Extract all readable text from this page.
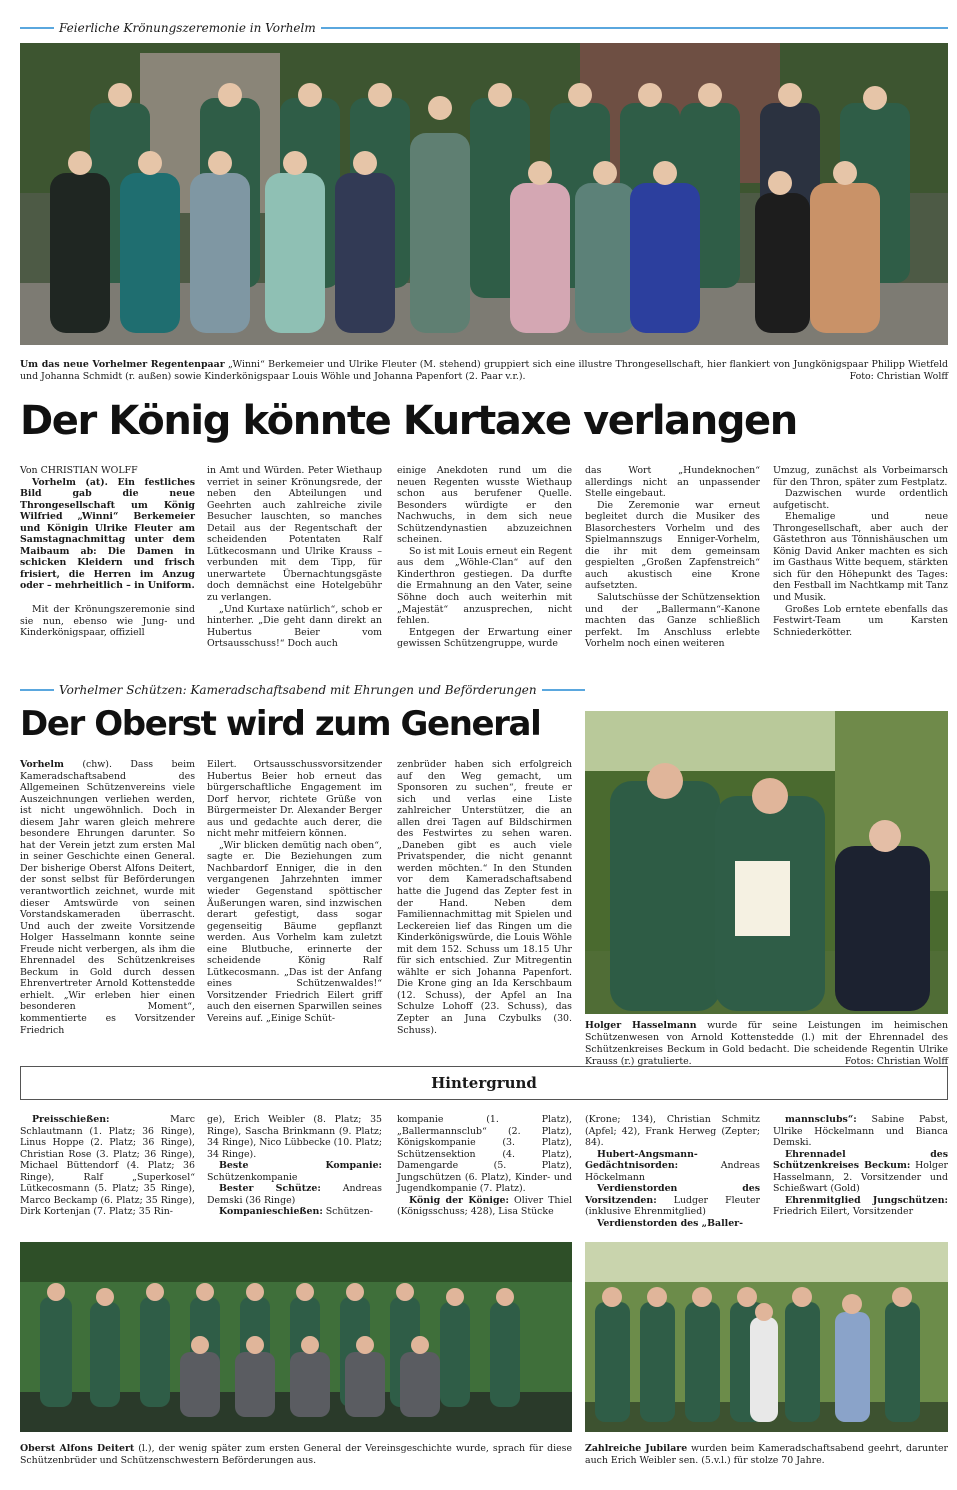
Feierliche Krönungszeremonie in Vorhelm
Um das neue Vorhelmer Regentenpaar „Winni“ Berkemeier und Ulrike Fleuter (M. stehend) gruppiert sich eine illustre Throngesellschaft, hier flankiert von Jungkönigspaar Philipp Wietfeld und Johanna Schmidt (r. außen) sowie Kinderkönigspaar Louis Wöhle und Johanna Papenfort (2. Paar v.r.).	Foto: Christian Wolff
Der König könnte Kurtaxe verlangen

Von CHRISTIAN WOLFF

Vorhelm (at). Ein festliches Bild gab die neue Throngesellschaft um König Wilfried „Winni“ Berkemeier und Königin Ulrike Fleuter am Samstagnachmittag unter dem Maibaum ab: Die Damen in schicken Kleidern und frisch frisiert, die Herren im Anzug oder – mehrheitlich – in Uniform.

Mit der Krönungszeremonie sind sie nun, ebenso wie Jung- und Kinderkönigspaar, offiziell

in Amt und Würden. Peter Wiethaup verriet in seiner Krönungsrede, der neben den Abteilungen und Geehrten auch zahlreiche zivile Besucher lauschten, so manches Detail aus der Regentschaft der scheidenden Potentaten Ralf Lütkecosmann und Ulrike Krauss – verbunden mit dem Tipp, für unerwartete Übernachtungsgäste doch demnächst eine Hotelgebühr zu verlangen.

„Und Kurtaxe natürlich“, schob er hinterher. „Die geht dann direkt an Hubertus Beier vom Ortsausschuss!“ Doch auch

einige Anekdoten rund um die neuen Regenten wusste Wiethaup schon aus berufener Quelle. Besonders würdigte er den Nachwuchs, in dem sich neue Schützendynastien abzuzeichnen scheinen.

So ist mit Louis erneut ein Regent aus dem „Wöhle-Clan“ auf den Kinderthron gestiegen. Da durfte die Ermahnung an den Vater, seine Söhne doch auch weiterhin mit „Majestät“ anzusprechen, nicht fehlen.

Entgegen der Erwartung einer gewissen Schützengruppe, wurde

das Wort „Hundeknochen“ allerdings nicht an unpassender Stelle eingebaut.

Die Zeremonie war erneut begleitet durch die Musiker des Blasorchesters Vorhelm und des Spielmannszugs Enniger-Vorhelm, die ihr mit dem gemeinsam gespielten „Großen Zapfenstreich“ auch akustisch eine Krone aufsetzten.

Salutschüsse der Schützensektion und der „Ballermann“-Kanone machten das Ganze schließlich perfekt. Im Anschluss erlebte Vorhelm noch einen weiteren

Umzug, zunächst als Vorbeimarsch für den Thron, später zum Festplatz.

Dazwischen wurde ordentlich aufgetischt.

Ehemalige und neue Throngesellschaft, aber auch der Gästethron aus Tönnishäuschen um König David Anker machten es sich im Gasthaus Witte bequem, stärkten sich für den Höhepunkt des Tages: den Festball im Nachtkamp mit Tanz und Musik.

Großes Lob erntete ebenfalls das Festwirt-Team um Karsten Schniederkötter.

Vorhelmer Schützen: Kameradschaftsabend mit Ehrungen und Beförderungen
Der Oberst wird zum General

Vorhelm (chw). Dass beim Kameradschaftsabend des Allgemeinen Schützenvereins viele Auszeichnungen verliehen werden, ist nicht ungewöhnlich. Doch in diesem Jahr waren gleich mehrere besondere Ehrungen darunter. So hat der Verein jetzt zum ersten Mal in seiner Geschichte einen General. Der bisherige Oberst Alfons Deitert, der sonst selbst für Beförderungen verantwortlich zeichnet, wurde mit dieser Amtswürde von seinen Vorstandskameraden überrascht. Und auch der zweite Vorsitzende Holger Hasselmann konnte seine Freude nicht verbergen, als ihm die Ehrennadel des Schützenkreises Beckum in Gold durch dessen Ehrenvertreter Arnold Kottenstedde erhielt. „Wir erleben hier einen besonderen Moment“, kommentierte es Vorsitzender Friedrich

Eilert. Ortsausschussvorsitzender Hubertus Beier hob erneut das bürgerschaftliche Engagement im Dorf hervor, richtete Grüße von Bürgermeister Dr. Alexander Berger aus und gedachte auch derer, die nicht mehr mitfeiern können.

„Wir blicken demütig nach oben“, sagte er. Die Beziehungen zum Nachbardorf Enniger, die in den vergangenen Jahrzehnten immer wieder Gegenstand spöttischer Äußerungen waren, sind inzwischen derart gefestigt, dass sogar gegenseitig Bäume gepflanzt werden. Aus Vorhelm kam zuletzt eine Blutbuche, erinnerte der scheidende König Ralf Lütkecosmann. „Das ist der Anfang eines Schützenwaldes!“ Vorsitzender Friedrich Eilert griff auch den eisernen Sparwillen seines Vereins auf. „Einige Schüt-

zenbrüder haben sich erfolgreich auf den Weg gemacht, um Sponsoren zu suchen“, freute er sich und verlas eine Liste zahlreicher Unterstützer, die an allen drei Tagen auf Bildschirmen des Festwirtes zu sehen waren. „Daneben gibt es auch viele Privatspender, die nicht genannt werden möchten.“ In den Stunden vor dem Kameradschaftsabend hatte die Jugend das Zepter fest in der Hand. Neben dem Familiennachmittag mit Spielen und Leckereien lief das Ringen um die Kinderkönigswürde, die Louis Wöhle mit dem 152. Schuss um 18.15 Uhr für sich entschied. Zur Mitregentin wählte er sich Johanna Papenfort. Die Krone ging an Ida Kerschbaum (12. Schuss), der Apfel an Ina Schulze Lohoff (23. Schuss), das Zepter an Juna Czybulks (30. Schuss).	Holger Hasselmann wurde für seine Leistungen im heimischen Schützenwesen von Arnold Kottenstedde (l.) mit der Ehrennadel des Schützenkreises Beckum in Gold bedacht. Die scheidende Regentin Ulrike Krauss (r.) gratulierte.	Fotos: Christian Wolff
Hintergrund

Preisschießen: Marc Schlautmann (1. Platz; 36 Ringe), Linus Hoppe (2. Platz; 36 Ringe), Christian Rose (3. Platz; 36 Ringe), Michael Büttendorf (4. Platz; 36 Ringe), Ralf „Superkosel“ Lütkecosmann (5. Platz; 35 Ringe), Marco Beckamp (6. Platz; 35 Ringe), Dirk Kortenjan (7. Platz; 35 Rin-

ge), Erich Weibler (8. Platz; 35 Ringe), Sascha Brinkmann (9. Platz; 34 Ringe), Nico Lübbecke (10. Platz; 34 Ringe).

Beste Kompanie: Schützenkompanie

Bester Schütze: Andreas Demski (36 Ringe)

Kompanieschießen: Schützen-

kompanie (1. Platz), „Ballermannsclub“ (2. Platz), Königskompanie (3. Platz), Schützensektion (4. Platz), Damengarde (5. Platz), Jungschützen (6. Platz), Kinder- und Jugendkompanie (7. Platz).

König der Könige: Oliver Thiel (Königsschuss; 428), Lisa Stücke

(Krone; 134), Christian Schmitz (Apfel; 42), Frank Herweg (Zepter; 84).

Hubert-Angsmann-Gedächtnisorden: Andreas Höckelmann

Verdienstorden des Vorsitzenden: Ludger Fleuter (inklusive Ehrenmitglied)

Verdienstorden des „Baller-

mannsclubs“: Sabine Pabst, Ulrike Höckelmann und Bianca Demski.

Ehrennadel des Schützenkreises Beckum: Holger Hasselmann, 2. Vorsitzender und Schießwart (Gold)

Ehrenmitglied Jungschützen: Friedrich Eilert, Vorsitzender

Oberst Alfons Deitert (l.), der wenig später zum ersten General der Vereinsgeschichte wurde, sprach für diese Schützenbrüder und Schützenschwestern Beförderungen aus.
Zahlreiche Jubilare wurden beim Kameradschaftsabend geehrt, darunter auch Erich Weibler sen. (5.v.l.) für stolze 70 Jahre.
